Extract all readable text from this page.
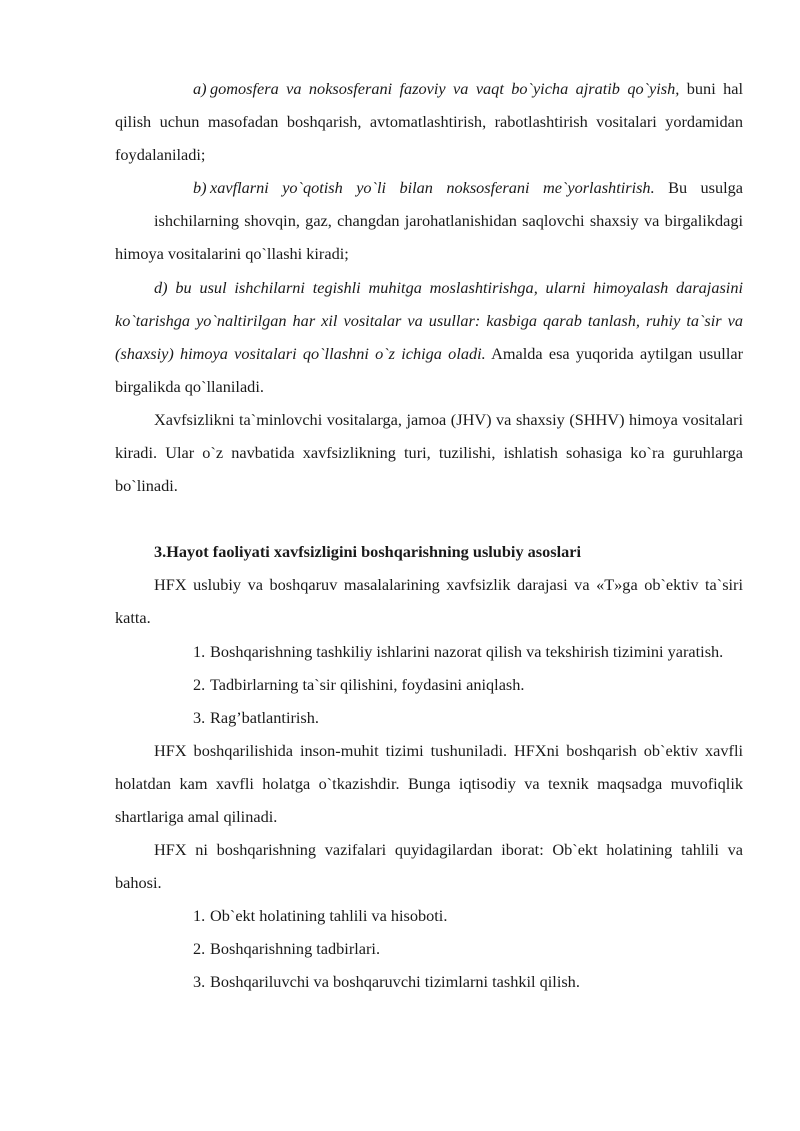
a) gomosfera va noksosferani fazoviy va vaqt bo`yicha ajratib qo`yish, buni hal qilish uchun masofadan boshqarish, avtomatlashtirish, rabotlashtirish vositalari yordamidan foydalaniladi;

b) xavflarni yo`qotish yo`li bilan noksosferani me`yorlashtirish. Bu usulga

ishchilarning shovqin, gaz, changdan jarohatlanishidan saqlovchi shaxsiy va birgalikdagi himoya vositalarini qo`llashi kiradi;

d) bu usul ishchilarni tegishli muhitga moslashtirishga, ularni himoyalash darajasini ko`tarishga yo`naltirilgan har xil vositalar va usullar: kasbiga qarab tanlash, ruhiy ta`sir va (shaxsiy) himoya vositalari qo`llashni o`z ichiga oladi. Amalda esa yuqorida aytilgan usullar birgalikda qo`llaniladi.

Xavfsizlikni ta`minlovchi vositalarga, jamoa (JHV) va shaxsiy (SHHV) himoya vositalari kiradi. Ular o`z navbatida xavfsizlikning turi, tuzilishi, ishlatish sohasiga ko`ra guruhlarga bo`linadi.

3.Hayot faoliyati xavfsizligini boshqarishning uslubiy asoslari

HFX uslubiy va boshqaruv masalalarining xavfsizlik darajasi va «T»ga ob`ektiv ta`siri katta.

1. Boshqarishning tashkiliy ishlarini nazorat qilish va tekshirish tizimini yaratish.

2. Tadbirlarning ta`sir qilishini, foydasini aniqlash.

3. Rag’batlantirish.

HFX boshqarilishida inson-muhit tizimi tushuniladi. HFXni boshqarish ob`ektiv xavfli holatdan kam xavfli holatga o`tkazishdir. Bunga iqtisodiy va texnik maqsadga muvofiqlik shartlariga amal qilinadi.

HFX ni boshqarishning vazifalari quyidagilardan iborat: Ob`ekt holatining tahlili va bahosi.

1. Ob`ekt holatining tahlili va hisoboti.

2. Boshqarishning tadbirlari.

3. Boshqariluvchi va boshqaruvchi tizimlarni tashkil qilish.
